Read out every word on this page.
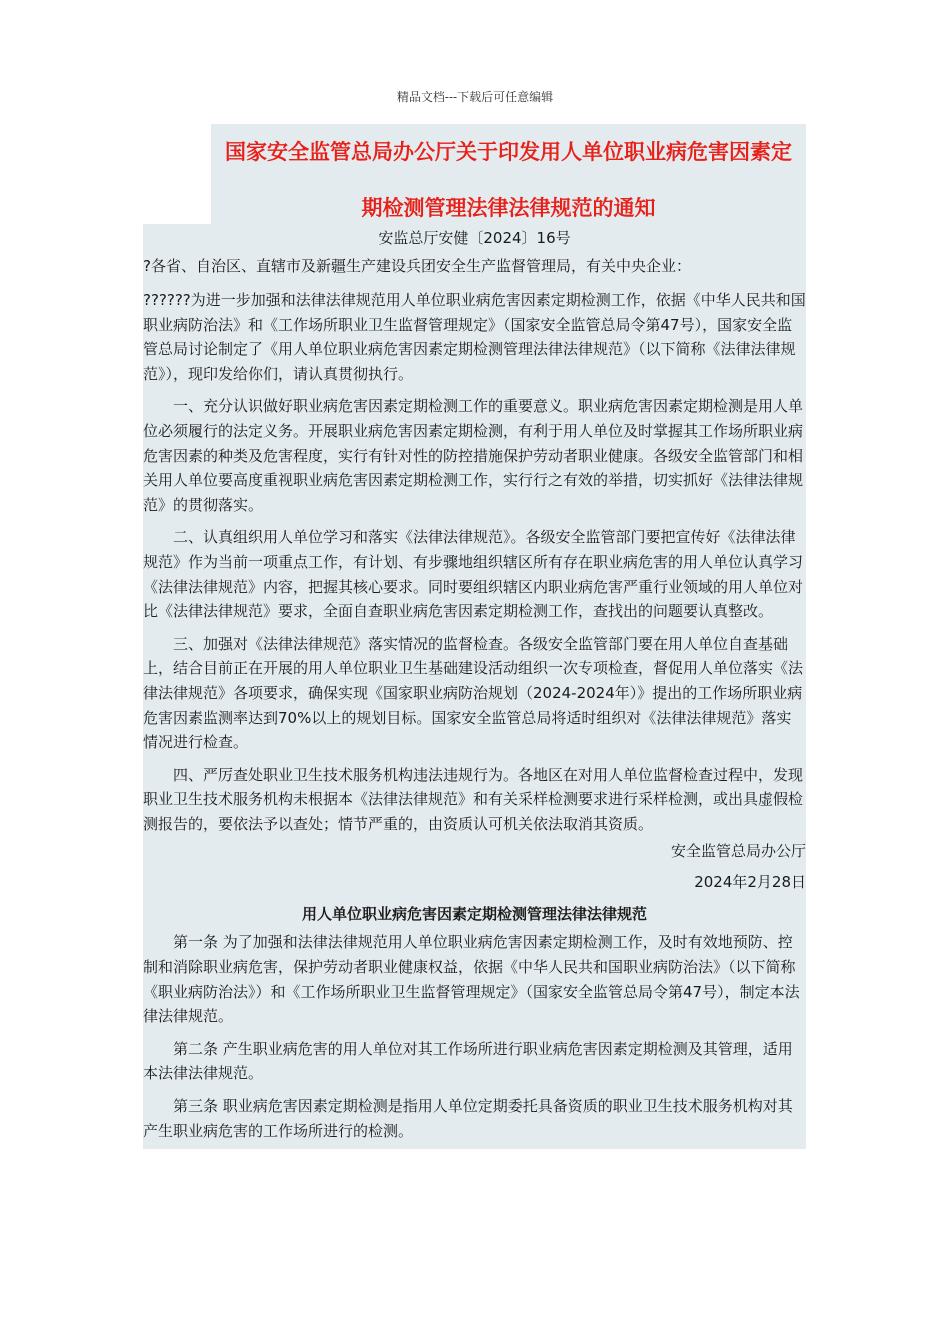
精品文档---下载后可任意编辑
国家安全监管总局办公厅关于印发用人单位职业病危害因素定
期检测管理法律法律规范的通知
安监总厅安健〔2024〕16号

?各省、自治区、直辖市及新疆生产建设兵团安全生产监督管理局，有关中央企业：

??????为进一步加强和法律法律规范用人单位职业病危害因素定期检测工作，依据《中华人民共和国职业病防治法》和《工作场所职业卫生监督管理规定》（国家安全监管总局令第47号），国家安全监管总局讨论制定了《用人单位职业病危害因素定期检测管理法律法律规范》（以下简称《法律法律规范》），现印发给你们，请认真贯彻执行。

一、充分认识做好职业病危害因素定期检测工作的重要意义。职业病危害因素定期检测是用人单位必须履行的法定义务。开展职业病危害因素定期检测，有利于用人单位及时掌握其工作场所职业病危害因素的种类及危害程度，实行有针对性的防控措施保护劳动者职业健康。各级安全监管部门和相关用人单位要高度重视职业病危害因素定期检测工作，实行行之有效的举措，切实抓好《法律法律规范》的贯彻落实。

二、认真组织用人单位学习和落实《法律法律规范》。各级安全监管部门要把宣传好《法律法律规范》作为当前一项重点工作，有计划、有步骤地组织辖区所有存在职业病危害的用人单位认真学习《法律法律规范》内容，把握其核心要求。同时要组织辖区内职业病危害严重行业领域的用人单位对比《法律法律规范》要求，全面自查职业病危害因素定期检测工作，查找出的问题要认真整改。

三、加强对《法律法律规范》落实情况的监督检查。各级安全监管部门要在用人单位自查基础上，结合目前正在开展的用人单位职业卫生基础建设活动组织一次专项检查，督促用人单位落实《法律法律规范》各项要求，确保实现《国家职业病防治规划（2024-2024年）》提出的工作场所职业病危害因素监测率达到70%以上的规划目标。国家安全监管总局将适时组织对《法律法律规范》落实情况进行检查。

四、严厉查处职业卫生技术服务机构违法违规行为。各地区在对用人单位监督检查过程中，发现职业卫生技术服务机构未根据本《法律法律规范》和有关采样检测要求进行采样检测，或出具虚假检测报告的，要依法予以查处；情节严重的，由资质认可机关依法取消其资质。

安全监管总局办公厅
2024年2月28日
用人单位职业病危害因素定期检测管理法律法律规范

第一条 为了加强和法律法律规范用人单位职业病危害因素定期检测工作，及时有效地预防、控制和消除职业病危害，保护劳动者职业健康权益，依据《中华人民共和国职业病防治法》（以下简称《职业病防治法》）和《工作场所职业卫生监督管理规定》（国家安全监管总局令第47号），制定本法律法律规范。

第二条 产生职业病危害的用人单位对其工作场所进行职业病危害因素定期检测及其管理，适用本法律法律规范。

第三条 职业病危害因素定期检测是指用人单位定期委托具备资质的职业卫生技术服务机构对其产生职业病危害的工作场所进行的检测。
